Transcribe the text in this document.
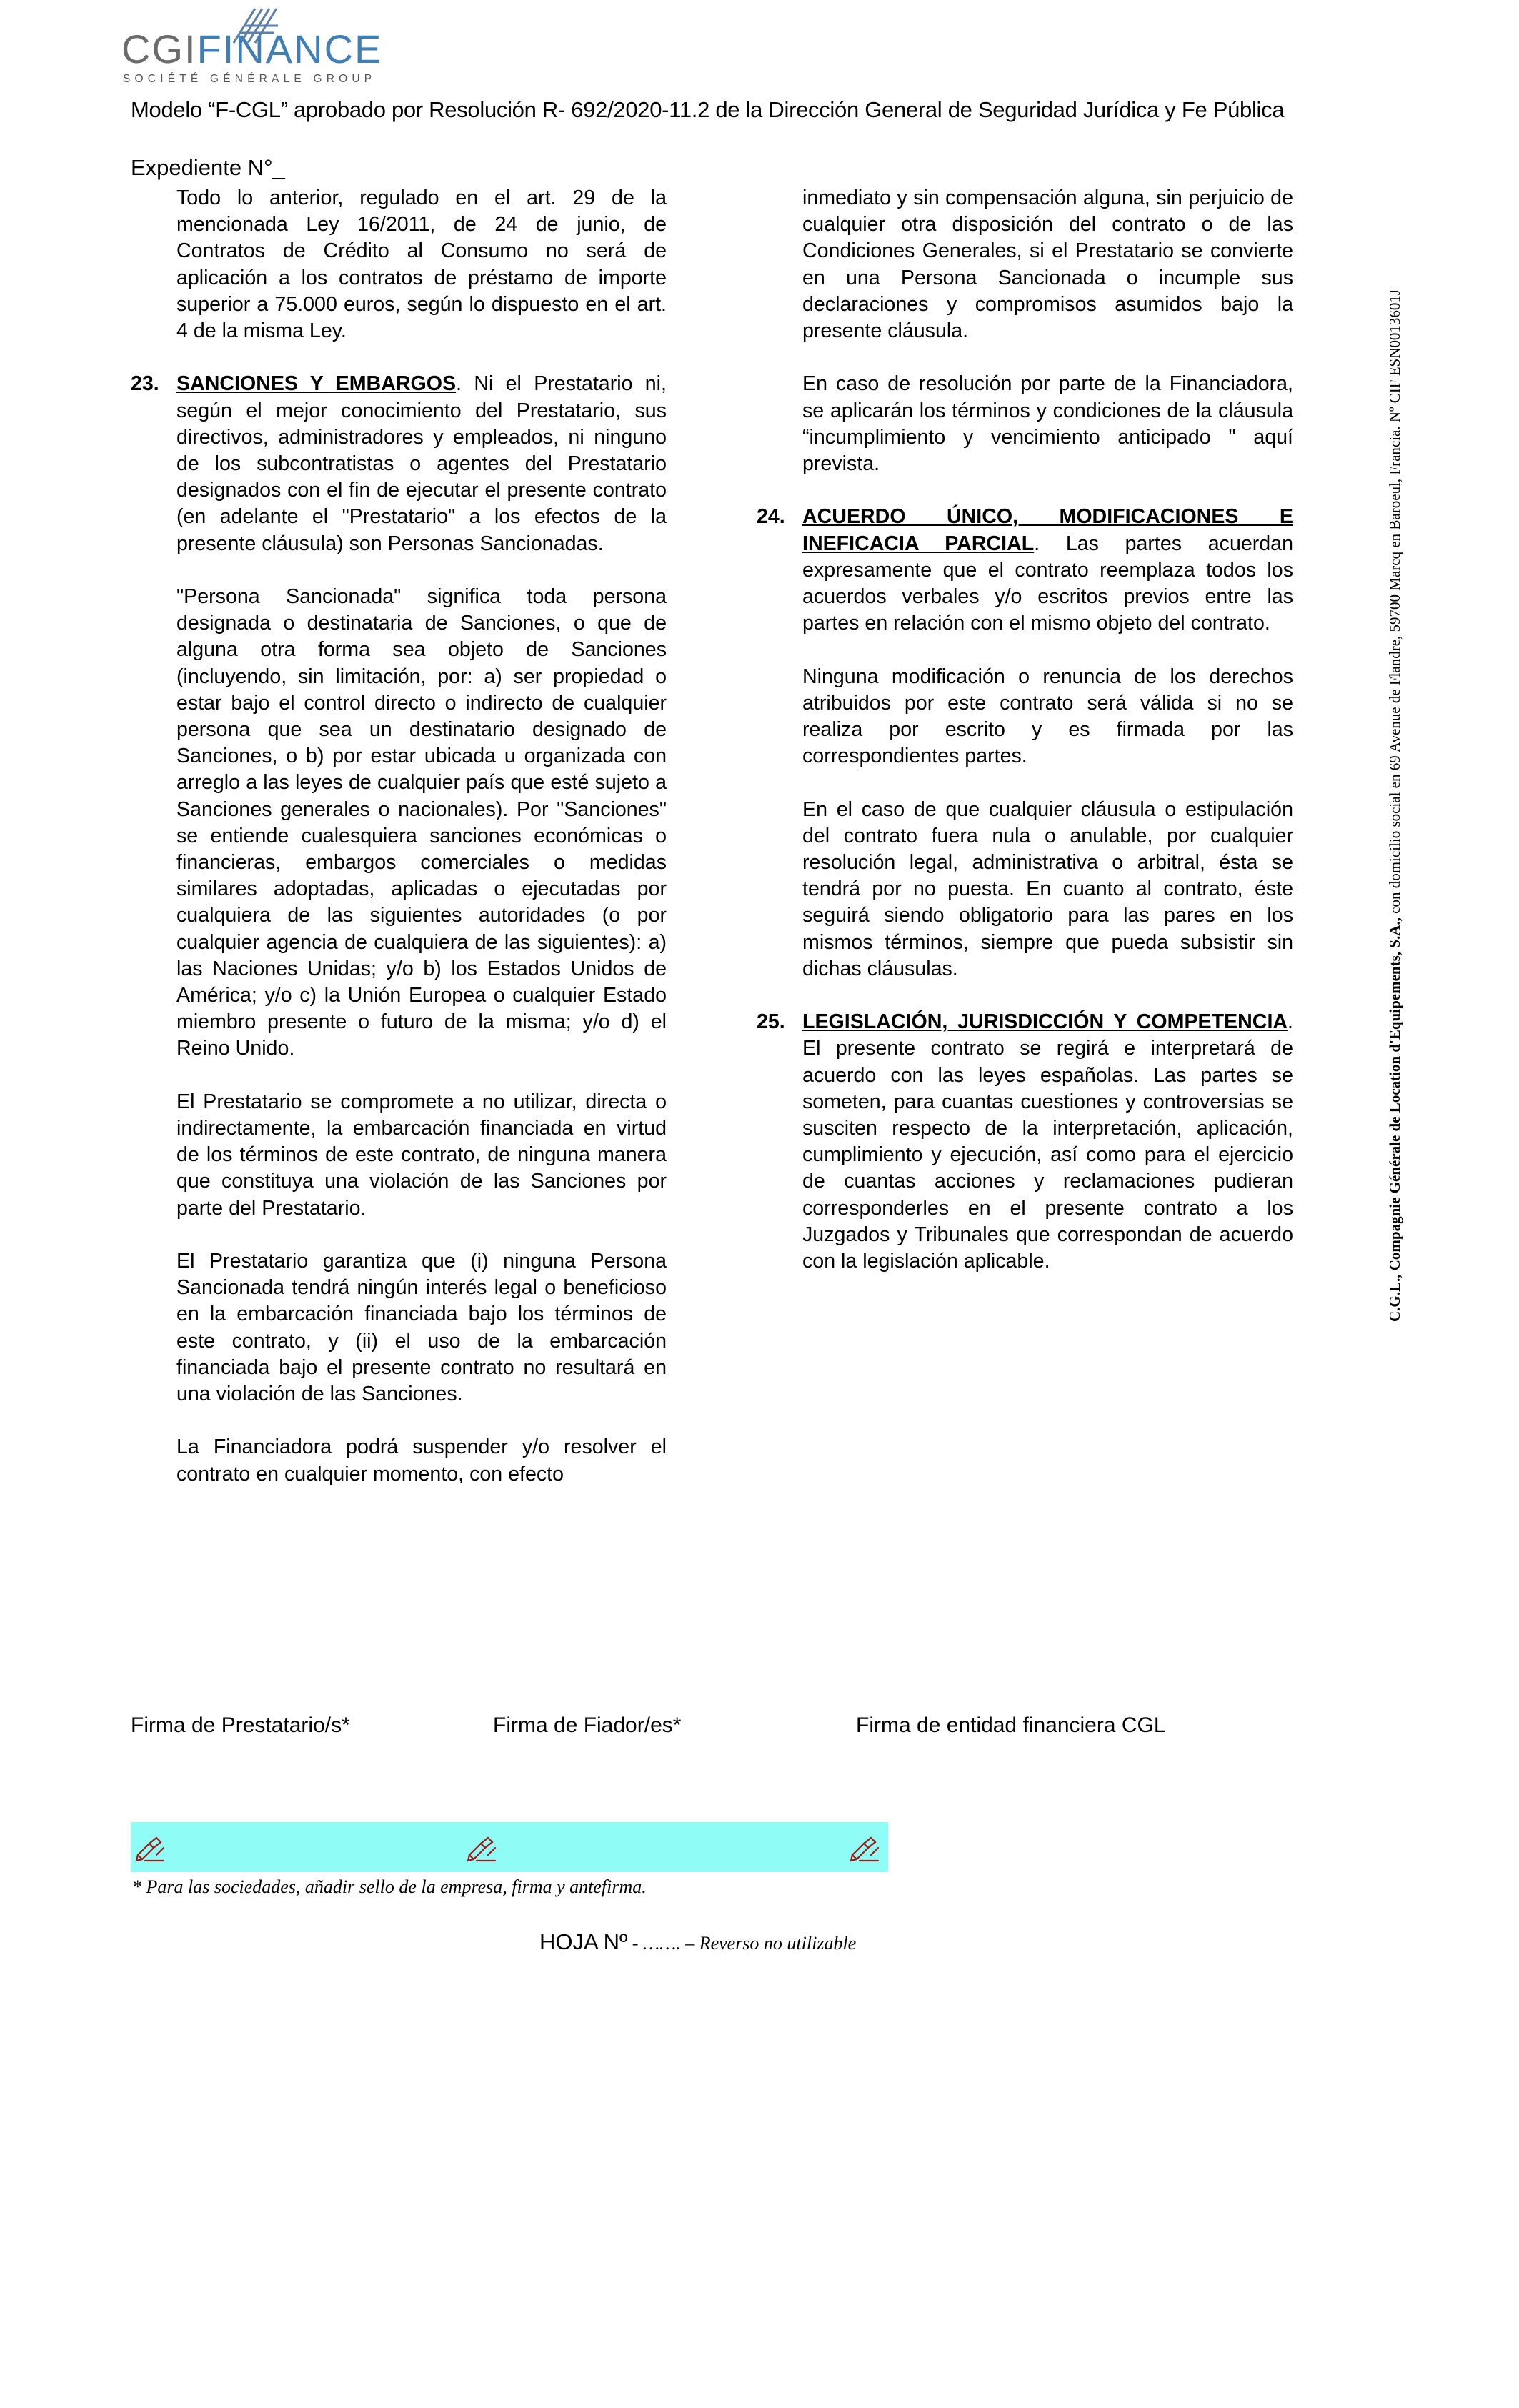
CGIFINANCE
SOCIÉTÉ GÉNÉRALE GROUP
Modelo “F-CGL” aprobado por Resolución R- 692/2020-11.2 de la Dirección General de Seguridad Jurídica y Fe Pública
Expediente N°_

Todo lo anterior, regulado en el art. 29 de la mencionada Ley 16/2011, de 24 de junio, de Contratos de Crédito al Consumo no será de aplicación a los contratos de préstamo de importe superior a 75.000 euros, según lo dispuesto en el art. 4 de la misma Ley.

23. SANCIONES Y EMBARGOS. Ni el Prestatario ni, según el mejor conocimiento del Prestatario, sus directivos, administradores y empleados, ni ninguno de los subcontratistas o agentes del Prestatario designados con el fin de ejecutar el presente contrato (en adelante el "Prestatario" a los efectos de la presente cláusula) son Personas Sancionadas.

"Persona Sancionada" significa toda persona designada o destinataria de Sanciones, o que de alguna otra forma sea objeto de Sanciones (incluyendo, sin limitación, por: a) ser propiedad o estar bajo el control directo o indirecto de cualquier persona que sea un destinatario designado de Sanciones, o b) por estar ubicada u organizada con arreglo a las leyes de cualquier país que esté sujeto a Sanciones generales o nacionales). Por "Sanciones" se entiende cualesquiera sanciones económicas o financieras, embargos comerciales o medidas similares adoptadas, aplicadas o ejecutadas por cualquiera de las siguientes autoridades (o por cualquier agencia de cualquiera de las siguientes): a) las Naciones Unidas; y/o b) los Estados Unidos de América; y/o c) la Unión Europea o cualquier Estado miembro presente o futuro de la misma; y/o d) el Reino Unido.

El Prestatario se compromete a no utilizar, directa o indirectamente, la embarcación financiada en virtud de los términos de este contrato, de ninguna manera que constituya una violación de las Sanciones por parte del Prestatario.

El Prestatario garantiza que (i) ninguna Persona Sancionada tendrá ningún interés legal o beneficioso en la embarcación financiada bajo los términos de este contrato, y (ii) el uso de la embarcación financiada bajo el presente contrato no resultará en una violación de las Sanciones.

La Financiadora podrá suspender y/o resolver el contrato en cualquier momento, con efecto

inmediato y sin compensación alguna, sin perjuicio de cualquier otra disposición del contrato o de las Condiciones Generales, si el Prestatario se convierte en una Persona Sancionada o incumple sus declaraciones y compromisos asumidos bajo la presente cláusula.

En caso de resolución por parte de la Financiadora, se aplicarán los términos y condiciones de la cláusula “incumplimiento y vencimiento anticipado " aquí prevista.

24. ACUERDO ÚNICO, MODIFICACIONES E INEFICACIA PARCIAL. Las partes acuerdan expresamente que el contrato reemplaza todos los acuerdos verbales y/o escritos previos entre las partes en relación con el mismo objeto del contrato.

Ninguna modificación o renuncia de los derechos atribuidos por este contrato será válida si no se realiza por escrito y es firmada por las correspondientes partes.

En el caso de que cualquier cláusula o estipulación del contrato fuera nula o anulable, por cualquier resolución legal, administrativa o arbitral, ésta se tendrá por no puesta. En cuanto al contrato, éste seguirá siendo obligatorio para las pares en los mismos términos, siempre que pueda subsistir sin dichas cláusulas.

25. LEGISLACIÓN, JURISDICCIÓN Y COMPETENCIA. El presente contrato se regirá e interpretará de acuerdo con las leyes españolas. Las partes se someten, para cuantas cuestiones y controversias se susciten respecto de la interpretación, aplicación, cumplimiento y ejecución, así como para el ejercicio de cuantas acciones y reclamaciones pudieran corresponderles en el presente contrato a los Juzgados y Tribunales que correspondan de acuerdo con la legislación aplicable.	C.G.L., Compagnie Générale de Location d'Equipements, S.A., con domicilio social en 69 Avenue de Flandre, 59700 Marcq en Baroeul, Francia. Nº CIF ESN0013601J
Firma de Prestatario/s*	Firma de Fiador/es*	Firma de entidad financiera CGL
* Para las sociedades, añadir sello de la empresa, firma y antefirma.
HOJA Nº - ……. – Reverso no utilizable
